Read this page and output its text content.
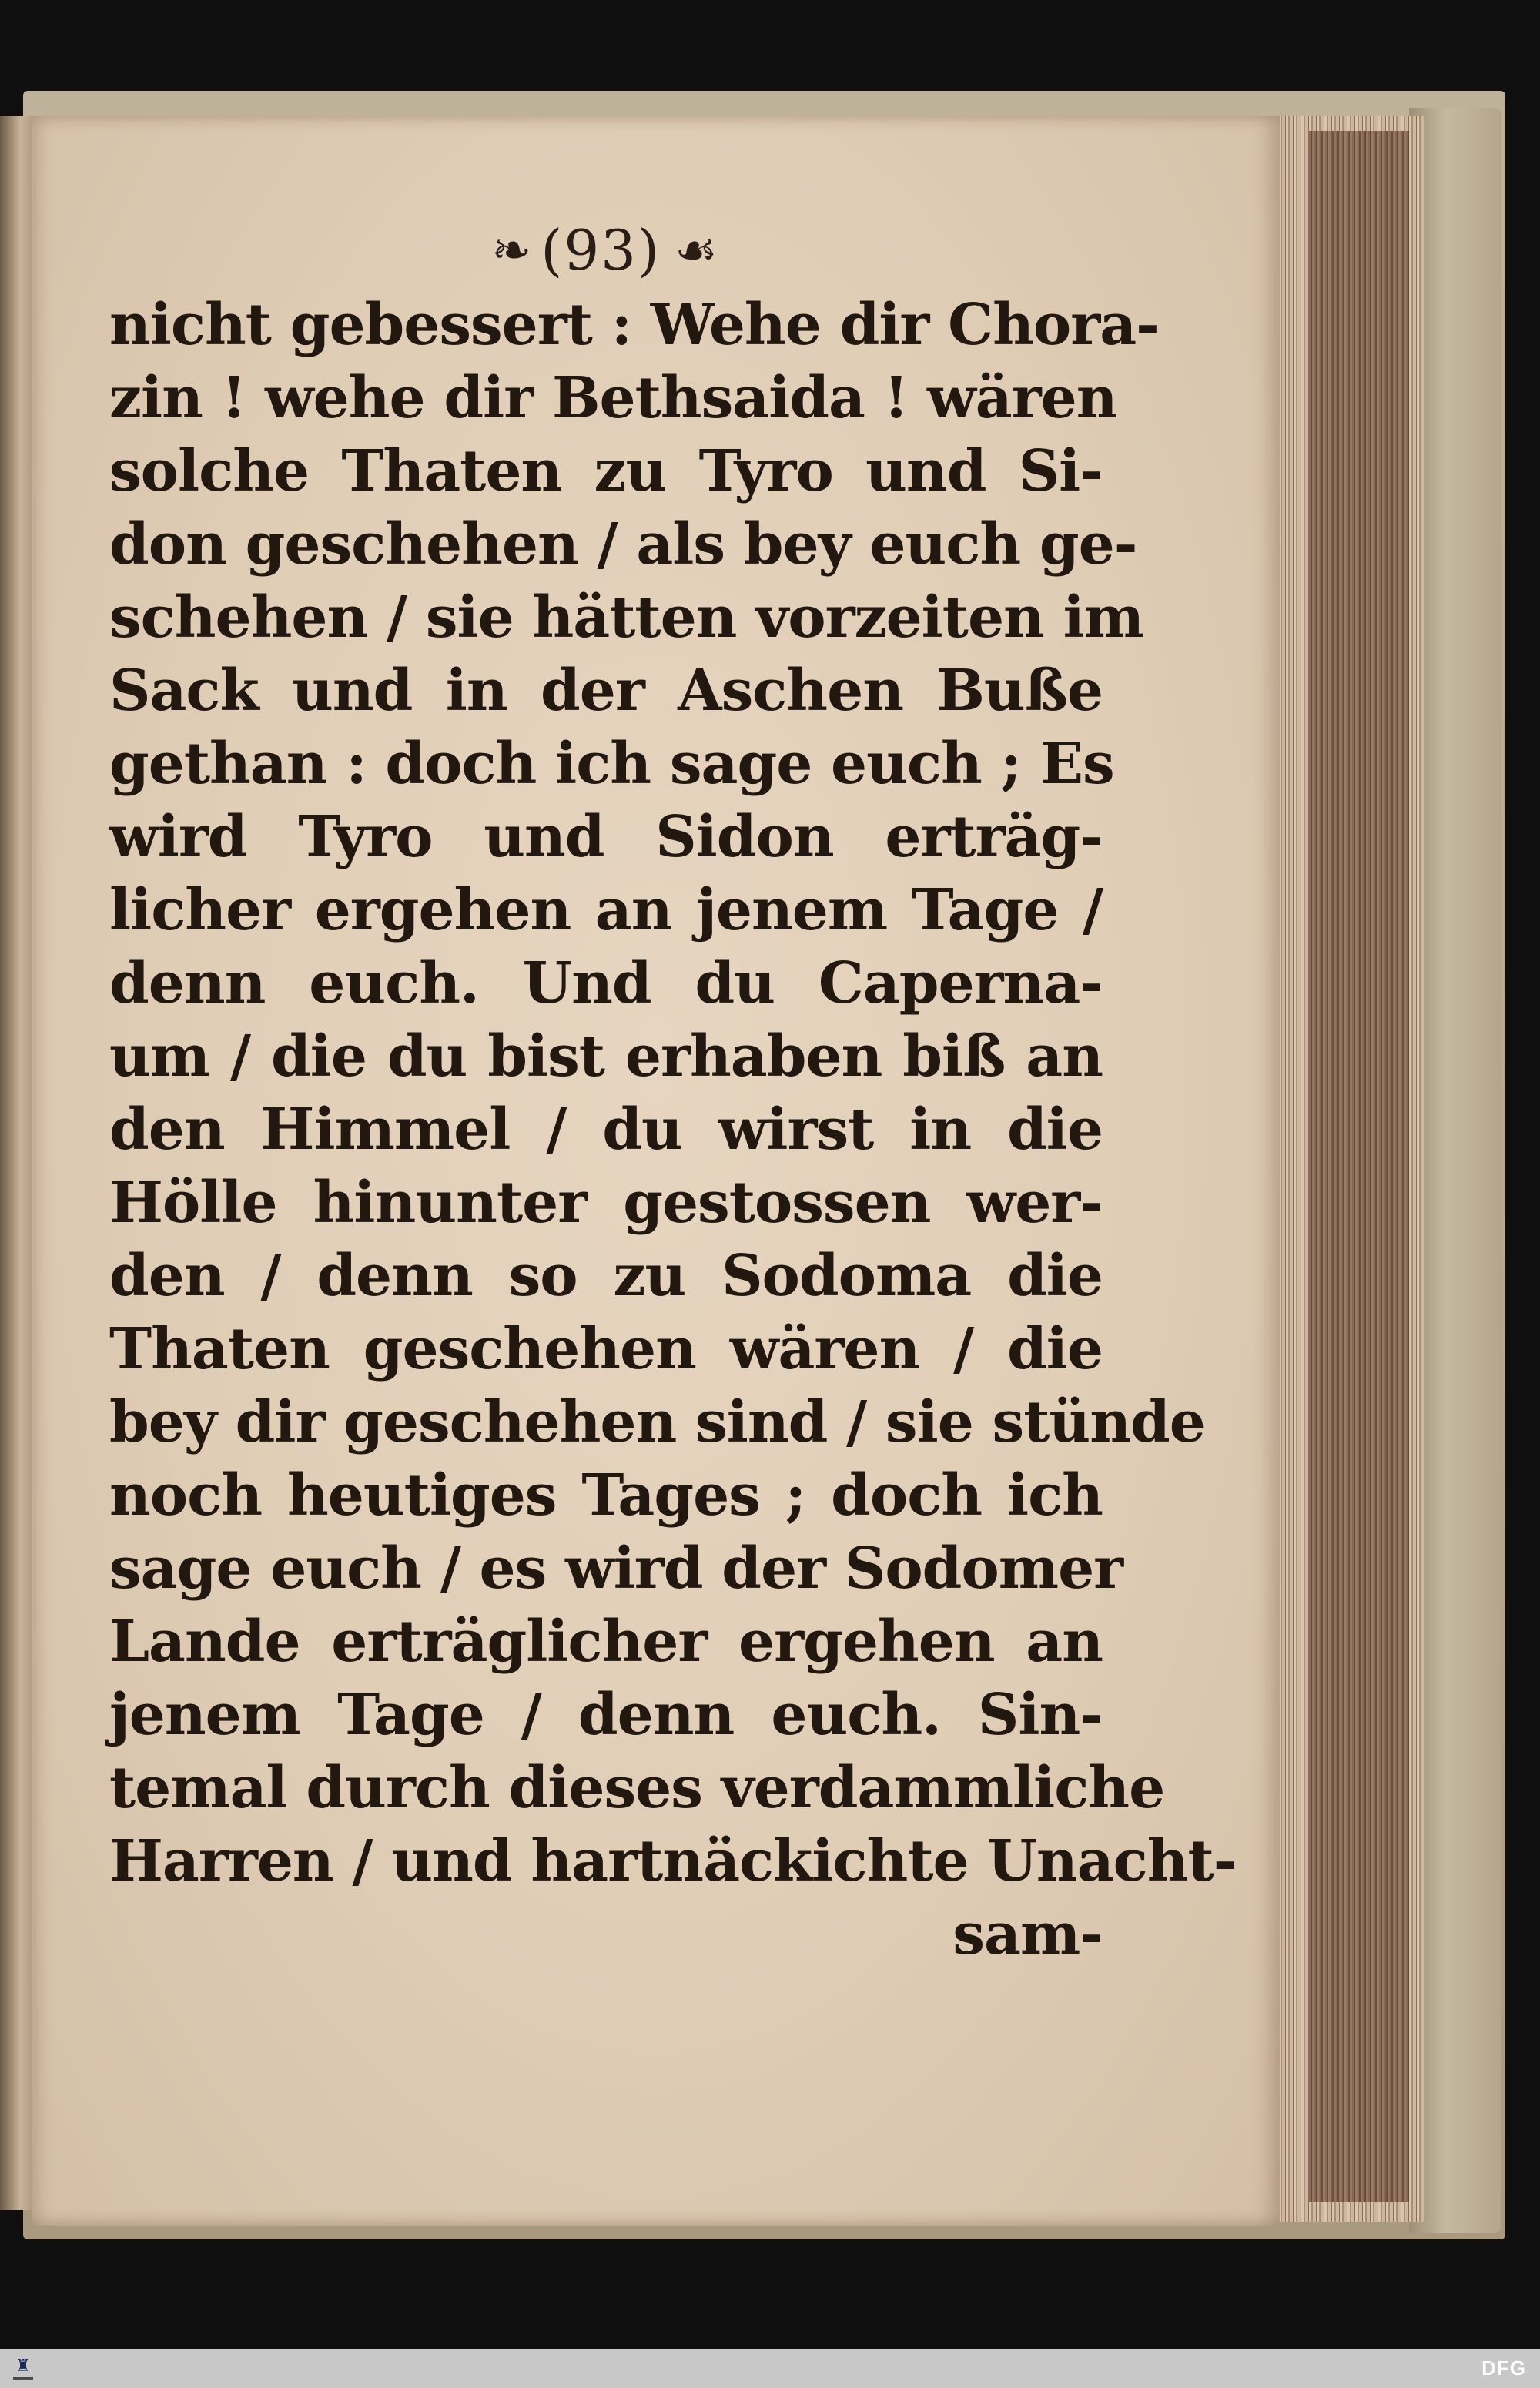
❧ (93) ☙
nicht gebessert : Wehe dir Chora-
zin ! wehe dir Bethsaida ! wären
solche Thaten zu Tyro und Si-
don geschehen / als bey euch ge-
schehen / sie hätten vorzeiten im
Sack und in der Aschen Buße
gethan : doch ich sage euch ; Es
wird Tyro und Sidon erträg-
licher ergehen an jenem Tage /
denn euch. Und du Caperna-
um / die du bist erhaben biß an
den Himmel / du wirst in die
Hölle hinunter gestossen wer-
den / denn so zu Sodoma die
Thaten geschehen wären / die
bey dir geschehen sind / sie stünde
noch heutiges Tages ; doch ich
sage euch / es wird der Sodomer
Lande erträglicher ergehen an
jenem Tage / denn euch. Sin-
temal durch dieses verdammliche
Harren / und hartnäckichte Unacht-
sam-
♜	DFG
